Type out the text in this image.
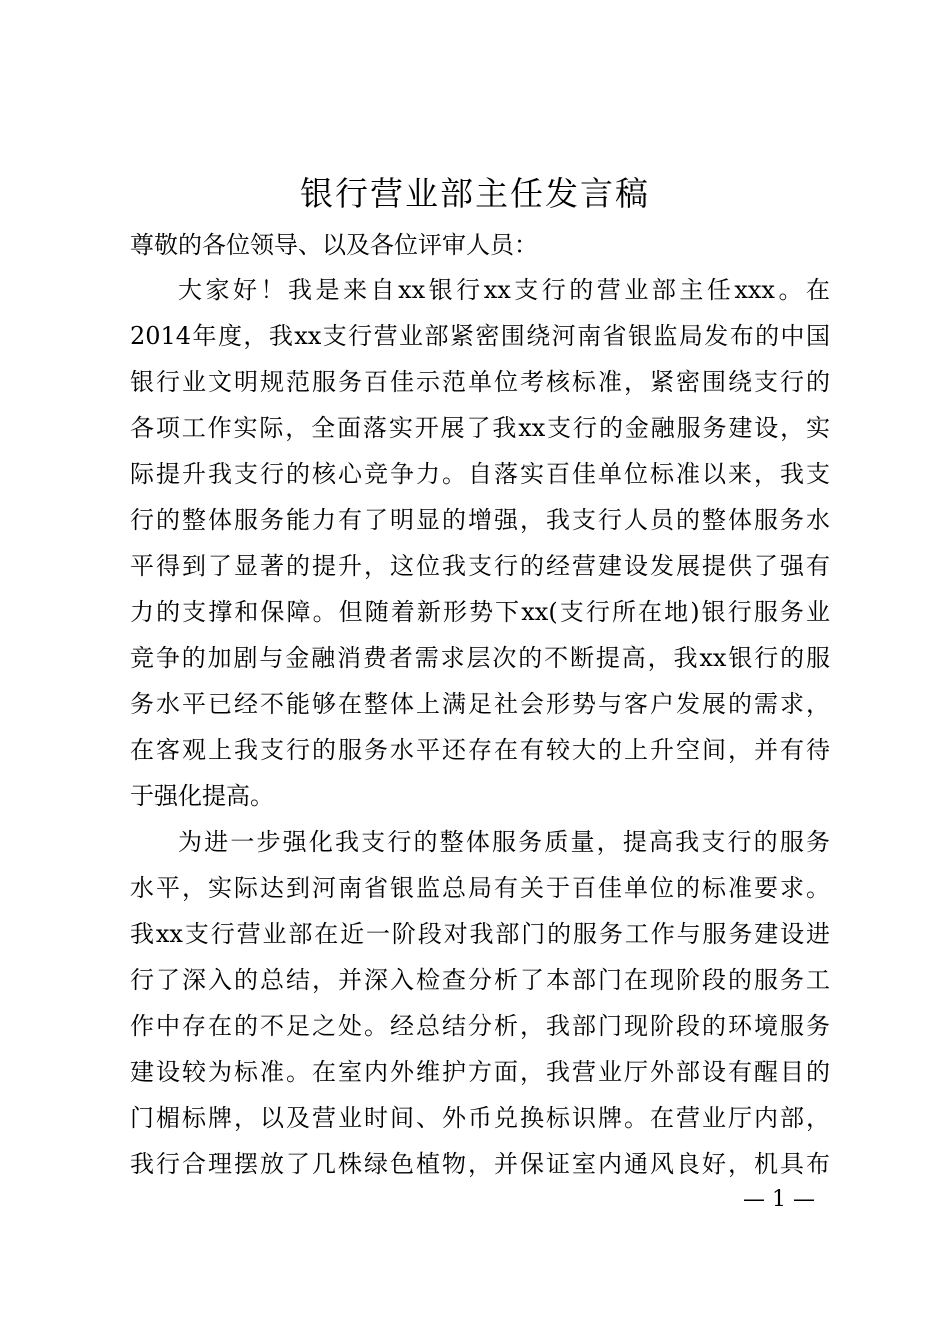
银行营业部主任发言稿

尊敬的各位领导、以及各位评审人员：

大家好！我是来自xx银行xx支行的营业部主任xxx。在

2014年度，我xx支行营业部紧密围绕河南省银监局发布的中国

银行业文明规范服务百佳示范单位考核标准，紧密围绕支行的

各项工作实际，全面落实开展了我xx支行的金融服务建设，实

际提升我支行的核心竞争力。自落实百佳单位标准以来，我支

行的整体服务能力有了明显的增强，我支行人员的整体服务水

平得到了显著的提升，这位我支行的经营建设发展提供了强有

力的支撑和保障。但随着新形势下xx(支行所在地)银行服务业

竞争的加剧与金融消费者需求层次的不断提高，我xx银行的服

务水平已经不能够在整体上满足社会形势与客户发展的需求，

在客观上我支行的服务水平还存在有较大的上升空间，并有待

于强化提高。

为进一步强化我支行的整体服务质量，提高我支行的服务

水平，实际达到河南省银监总局有关于百佳单位的标准要求。

我xx支行营业部在近一阶段对我部门的服务工作与服务建设进

行了深入的总结，并深入检查分析了本部门在现阶段的服务工

作中存在的不足之处。经总结分析，我部门现阶段的环境服务

建设较为标准。在室内外维护方面，我营业厅外部设有醒目的

门楣标牌，以及营业时间、外币兑换标识牌。在营业厅内部，

我行合理摆放了几株绿色植物，并保证室内通风良好，机具布

— 1 —
